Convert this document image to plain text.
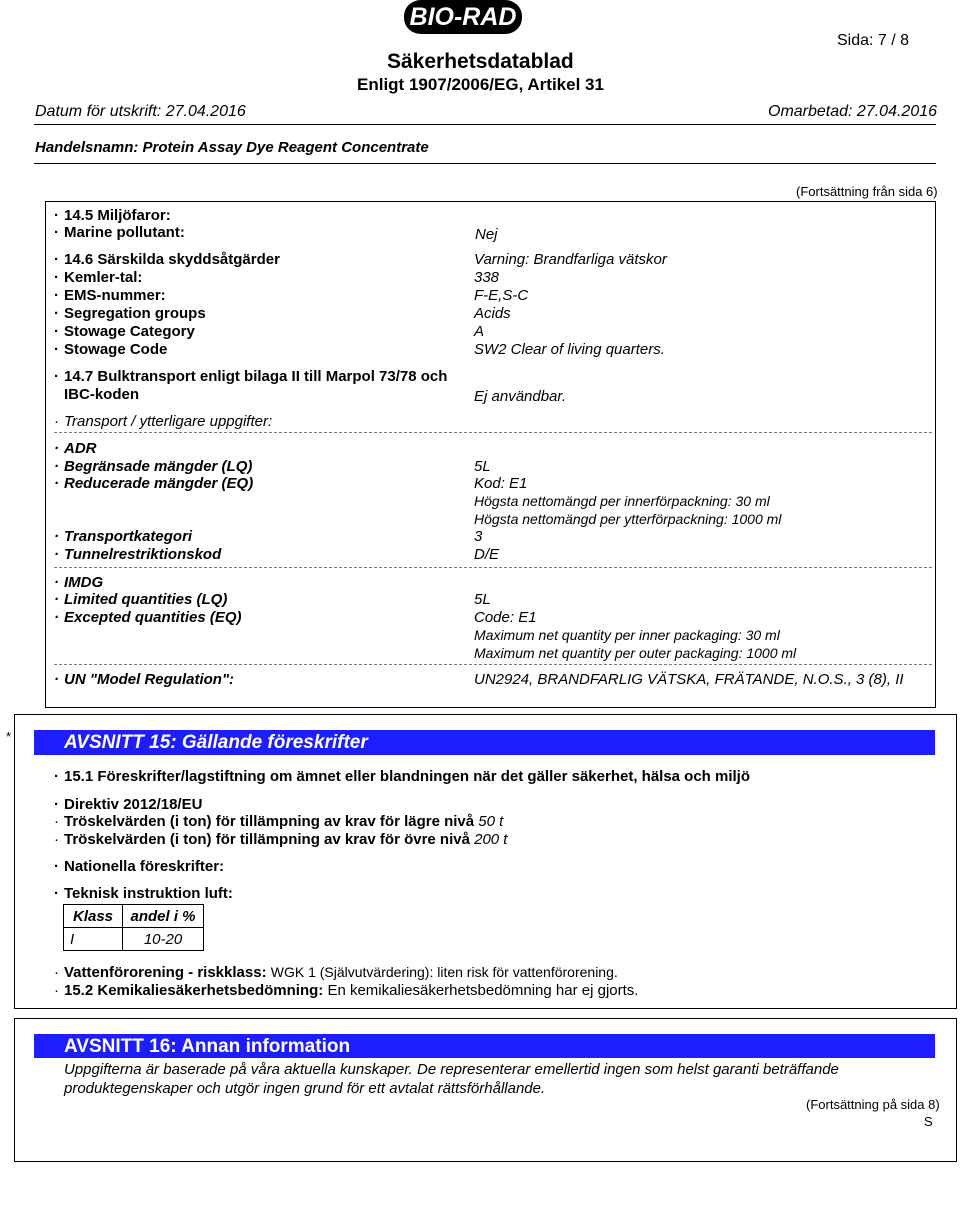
BIO-RAD
Säkerhetsdatablad
Enligt 1907/2006/EG, Artikel 31
Sida: 7 / 8
Datum för utskrift: 27.04.2016	Omarbetad: 27.04.2016
Handelsnamn: Protein Assay Dye Reagent Concentrate
(Fortsättning från sida 6)
· 14.5 Miljöfaror:
· Marine pollutant:	Nej
· 14.6 Särskilda skyddsåtgärder	Varning: Brandfarliga vätskor
· Kemler-tal:	338
· EMS-nummer:	F-E,S-C
· Segregation groups	Acids
· Stowage Category	A
· Stowage Code	SW2 Clear of living quarters.
· 14.7 Bulktransport enligt bilaga II till Marpol 73/78 och
IBC-koden	Ej användbar.
· Transport / ytterligare uppgifter:
· ADR
· Begränsade mängder (LQ)	5L
· Reducerade mängder (EQ)	Kod: E1
Högsta nettomängd per innerförpackning: 30 ml
Högsta nettomängd per ytterförpackning: 1000 ml
· Transportkategori	3
· Tunnelrestriktionskod	D/E
· IMDG
· Limited quantities (LQ)	5L
· Excepted quantities (EQ)	Code: E1
Maximum net quantity per inner packaging: 30 ml
Maximum net quantity per outer packaging: 1000 ml
· UN "Model Regulation":	UN2924, BRANDFARLIG VÄTSKA, FRÄTANDE, N.O.S., 3 (8), II
*	AVSNITT 15: Gällande föreskrifter
· 15.1 Föreskrifter/lagstiftning om ämnet eller blandningen när det gäller säkerhet, hälsa och miljö
· Direktiv 2012/18/EU
· Tröskelvärden (i ton) för tillämpning av krav för lägre nivå 50 t
· Tröskelvärden (i ton) för tillämpning av krav för övre nivå 200 t
· Nationella föreskrifter:
· Teknisk instruktion luft:
Klass	andel i %
I	10-20
· Vattenförorening - riskklass: WGK 1 (Självutvärdering): liten risk för vattenförorening.
· 15.2 Kemikaliesäkerhetsbedömning: En kemikaliesäkerhetsbedömning har ej gjorts.
AVSNITT 16: Annan information
Uppgifterna är baserade på våra aktuella kunskaper. De representerar emellertid ingen som helst garanti beträffande
produktegenskaper och utgör ingen grund för ett avtalat rättsförhållande.
(Fortsättning på sida 8)
S
